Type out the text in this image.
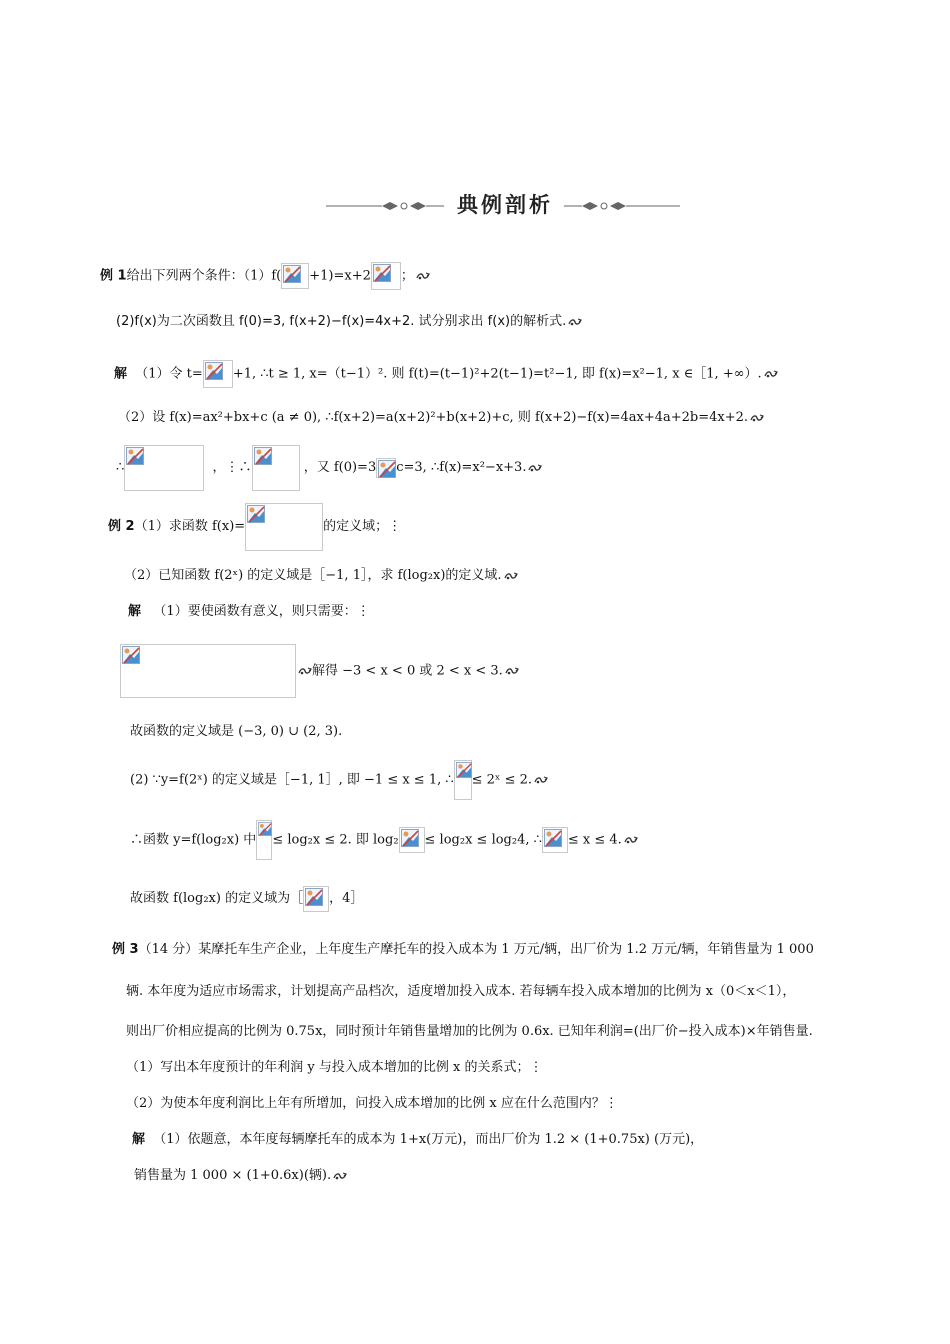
典例剖析
例 1给出下列两个条件：（1）f( +1)=x+2 ；
(2)f(x)为二次函数且 f(0)=3, f(x+2)−f(x)=4x+2. 试分别求出 f(x)的解析式.
解 （1）令 t= +1, ∴t ≥ 1, x=（t−1）². 则 f(t)=(t−1)²+2(t−1)=t²−1, 即 f(x)=x²−1, x ∈［1, +∞）.
（2）设 f(x)=ax²+bx+c (a ≠ 0), ∴f(x+2)=a(x+2)²+b(x+2)+c, 则 f(x+2)−f(x)=4ax+4a+2b=4x+2.
∴	，⋮∴	，又 f(0)=3 c=3, ∴f(x)=x²−x+3.
例 2（1）求函数 f(x)=	的定义域；⋮
（2）已知函数 f(2ˣ) 的定义域是［−1, 1］，求 f(log₂x)的定义域.
解 （1）要使函数有意义，则只需要：⋮
解得 −3 < x < 0 或 2 < x < 3.
故函数的定义域是 (−3, 0) ∪ (2, 3).
(2) ∵y=f(2ˣ) 的定义域是［−1, 1］, 即 −1 ≤ x ≤ 1, ∴ ≤ 2ˣ ≤ 2.
∴函数 y=f(log₂x) 中 ≤ log₂x ≤ 2. 即 log₂ ≤ log₂x ≤ log₂4, ∴ ≤ x ≤ 4.
故函数 f(log₂x) 的定义域为［ ，4］
例 3（14 分）某摩托车生产企业，上年度生产摩托车的投入成本为 1 万元/辆，出厂价为 1.2 万元/辆，年销售量为 1 000
辆. 本年度为适应市场需求，计划提高产品档次，适度增加投入成本. 若每辆车投入成本增加的比例为 x（0＜x＜1），
则出厂价相应提高的比例为 0.75x，同时预计年销售量增加的比例为 0.6x. 已知年利润=(出厂价−投入成本)×年销售量.
（1）写出本年度预计的年利润 y 与投入成本增加的比例 x 的关系式；⋮
（2）为使本年度利润比上年有所增加，问投入成本增加的比例 x 应在什么范围内？⋮
解 （1）依题意，本年度每辆摩托车的成本为 1+x(万元)，而出厂价为 1.2 × (1+0.75x) (万元)，
销售量为 1 000 × (1+0.6x)(辆).
